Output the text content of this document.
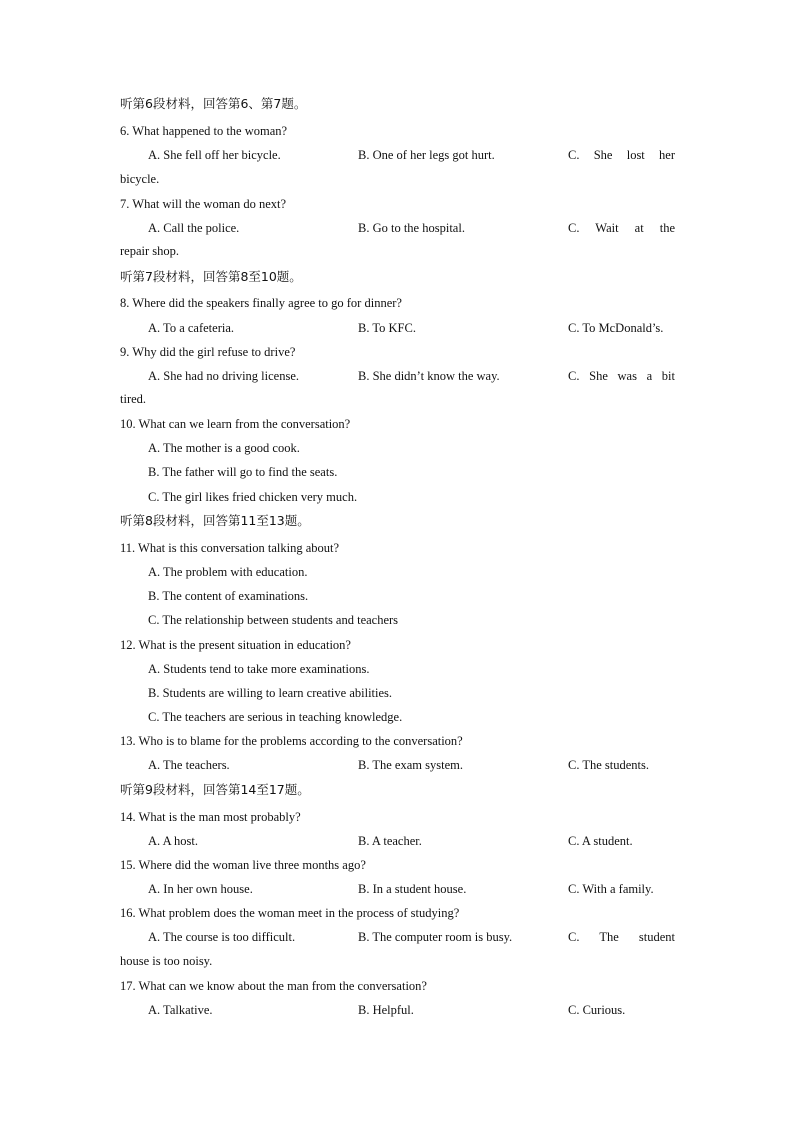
听第6段材料，回答第6、第7题。
6. What happened to the woman?
A. She fell off her bicycle.	B. One of her legs got hurt.	C. She lost her
bicycle.
7. What will the woman do next?
A. Call the police.	B. Go to the hospital.	C. Wait at the
repair shop.
听第7段材料，回答第8至10题。
8. Where did the speakers finally agree to go for dinner?
A. To a cafeteria.	B. To KFC.	C. To McDonald’s.
9. Why did the girl refuse to drive?
A. She had no driving license.	B. She didn’t know the way.	C. She was a bit
tired.
10. What can we learn from the conversation?
A. The mother is a good cook.
B. The father will go to find the seats.
C. The girl likes fried chicken very much.
听第8段材料，回答第11至13题。
11. What is this conversation talking about?
A. The problem with education.
B. The content of examinations.
C. The relationship between students and teachers
12. What is the present situation in education?
A. Students tend to take more examinations.
B. Students are willing to learn creative abilities.
C. The teachers are serious in teaching knowledge.
13. Who is to blame for the problems according to the conversation?
A. The teachers.	B. The exam system.	C. The students.
听第9段材料，回答第14至17题。
14. What is the man most probably?
A. A host.	B. A teacher.	C. A student.
15. Where did the woman live three months ago?
A. In her own house.	B. In a student house.	C. With a family.
16. What problem does the woman meet in the process of studying?
A. The course is too difficult.	B. The computer room is busy.	C. The student
house is too noisy.
17. What can we know about the man from the conversation?
A. Talkative.	B. Helpful.	C. Curious.
